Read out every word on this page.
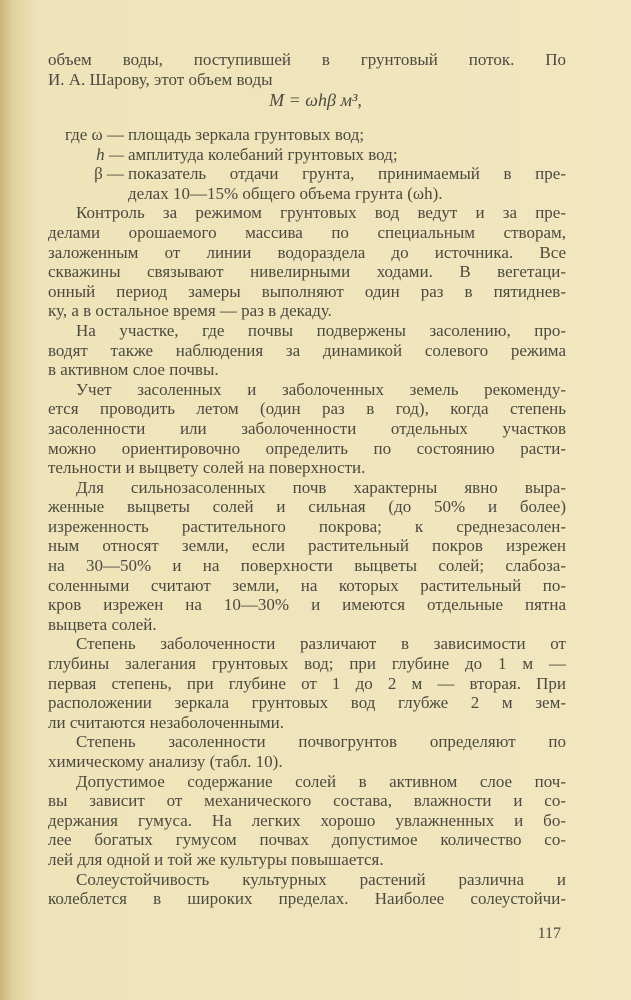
объем воды, поступившей в грунтовый поток. По
И. А. Шарову, этот объем воды
M = ωhβ м³,
где ω — площадь зеркала грунтовых вод;
h — амплитуда колебаний грунтовых вод;
β — показатель отдачи грунта, принимаемый в пре-
делах 10—15% общего объема грунта (ωh).
Контроль за режимом грунтовых вод ведут и за пре-
делами орошаемого массива по специальным створам,
заложенным от линии водораздела до источника. Все
скважины связывают нивелирными ходами. В вегетаци-
онный период замеры выполняют один раз в пятиднев-
ку, а в остальное время — раз в декаду.
На участке, где почвы подвержены засолению, про-
водят также наблюдения за динамикой солевого режима
в активном слое почвы.
Учет засоленных и заболоченных земель рекоменду-
ется проводить летом (один раз в год), когда степень
засоленности или заболоченности отдельных участков
можно ориентировочно определить по состоянию расти-
тельности и выцвету солей на поверхности.
Для сильнозасоленных почв характерны явно выра-
женные выцветы солей и сильная (до 50% и более)
изреженность растительного покрова; к среднезасолен-
ным относят земли, если растительный покров изрежен
на 30—50% и на поверхности выцветы солей; слабоза-
соленными считают земли, на которых растительный по-
кров изрежен на 10—30% и имеются отдельные пятна
выцвета солей.
Степень заболоченности различают в зависимости от
глубины залегания грунтовых вод; при глубине до 1 м —
первая степень, при глубине от 1 до 2 м — вторая. При
расположении зеркала грунтовых вод глубже 2 м зем-
ли считаются незаболоченными.
Степень засоленности почвогрунтов определяют по
химическому анализу (табл. 10).
Допустимое содержание солей в активном слое поч-
вы зависит от механического состава, влажности и со-
держания гумуса. На легких хорошо увлажненных и бо-
лее богатых гумусом почвах допустимое количество со-
лей для одной и той же культуры повышается.
Солеустойчивость культурных растений различна и
колеблется в широких пределах. Наиболее солеустойчи-
117
